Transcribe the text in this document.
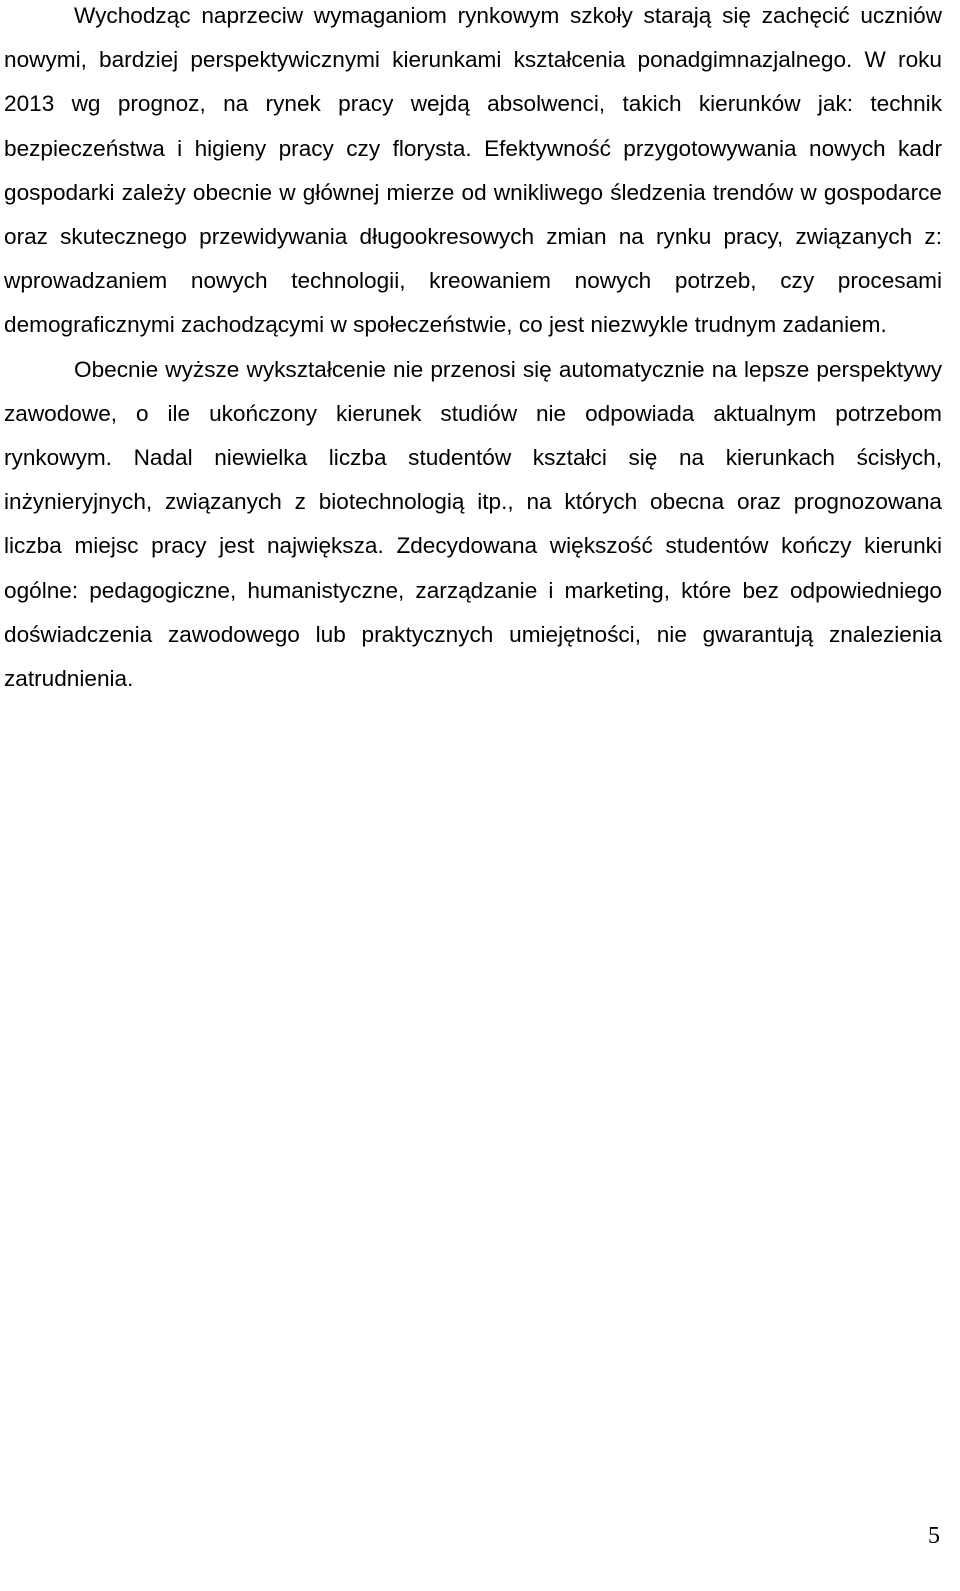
Wychodząc naprzeciw wymaganiom rynkowym szkoły starają się zachęcić uczniów nowymi, bardziej perspektywicznymi kierunkami kształcenia ponadgimnazjalnego. W roku 2013 wg prognoz, na rynek pracy wejdą absolwenci, takich kierunków jak: technik bezpieczeństwa i higieny pracy czy florysta. Efektywność przygotowywania nowych kadr gospodarki zależy obecnie w głównej mierze od wnikliwego śledzenia trendów w gospodarce oraz skutecznego przewidywania długookresowych zmian na rynku pracy, związanych z: wprowadzaniem nowych technologii, kreowaniem nowych potrzeb, czy procesami demograficznymi zachodzącymi w społeczeństwie, co jest niezwykle trudnym zadaniem.

Obecnie wyższe wykształcenie nie przenosi się automatycznie na lepsze perspektywy zawodowe, o ile ukończony kierunek studiów nie odpowiada aktualnym potrzebom rynkowym. Nadal niewielka liczba studentów kształci się na kierunkach ścisłych, inżynieryjnych, związanych z biotechnologią itp., na których obecna oraz prognozowana liczba miejsc pracy jest największa. Zdecydowana większość studentów kończy kierunki ogólne: pedagogiczne, humanistyczne, zarządzanie i marketing, które bez odpowiedniego doświadczenia zawodowego lub praktycznych umiejętności, nie gwarantują znalezienia zatrudnienia.

5
